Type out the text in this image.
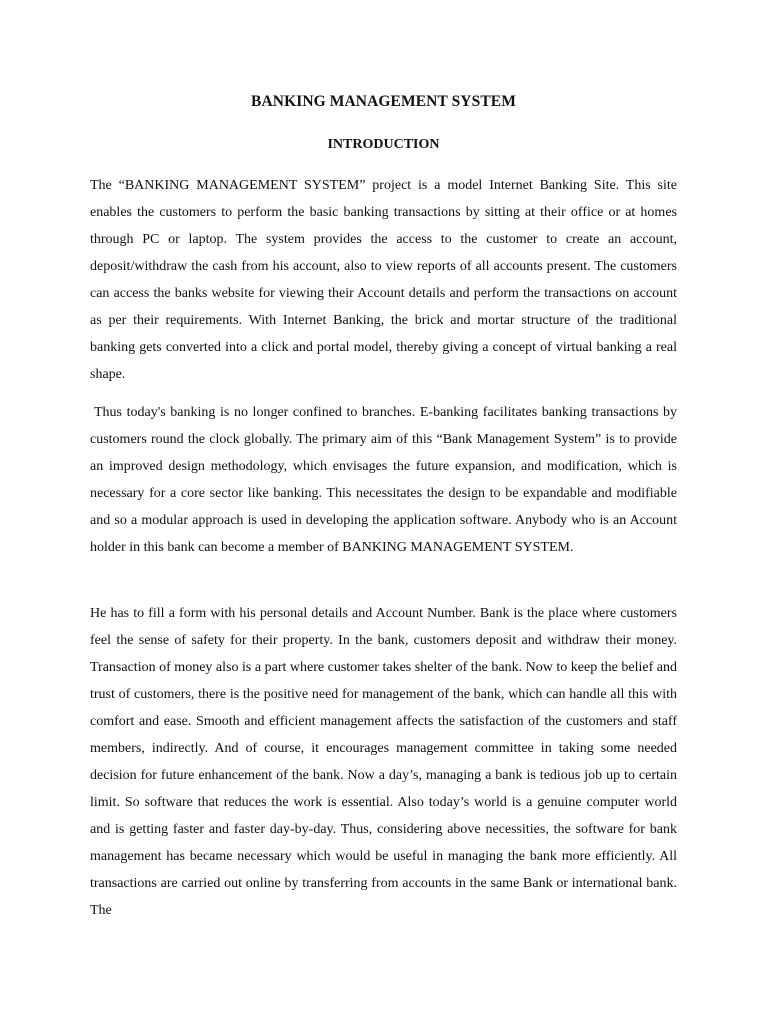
BANKING MANAGEMENT SYSTEM
INTRODUCTION

The “BANKING MANAGEMENT SYSTEM” project is a model Internet Banking Site. This site enables the customers to perform the basic banking transactions by sitting at their office or at homes through PC or laptop. The system provides the access to the customer to create an account, deposit/withdraw the cash from his account, also to view reports of all accounts present. The customers can access the banks website for viewing their Account details and perform the transactions on account as per their requirements. With Internet Banking, the brick and mortar structure of the traditional banking gets converted into a click and portal model, thereby giving a concept of virtual banking a real shape.

Thus today's banking is no longer confined to branches. E-banking facilitates banking transactions by customers round the clock globally. The primary aim of this “Bank Management System” is to provide an improved design methodology, which envisages the future expansion, and modification, which is necessary for a core sector like banking. This necessitates the design to be expandable and modifiable and so a modular approach is used in developing the application software. Anybody who is an Account holder in this bank can become a member of BANKING MANAGEMENT SYSTEM.

He has to fill a form with his personal details and Account Number. Bank is the place where customers feel the sense of safety for their property. In the bank, customers deposit and withdraw their money. Transaction of money also is a part where customer takes shelter of the bank. Now to keep the belief and trust of customers, there is the positive need for management of the bank, which can handle all this with comfort and ease. Smooth and efficient management affects the satisfaction of the customers and staff members, indirectly. And of course, it encourages management committee in taking some needed decision for future enhancement of the bank. Now a day’s, managing a bank is tedious job up to certain limit. So software that reduces the work is essential. Also today’s world is a genuine computer world and is getting faster and faster day-by-day. Thus, considering above necessities, the software for bank management has became necessary which would be useful in managing the bank more efficiently. All transactions are carried out online by transferring from accounts in the same Bank or international bank. The
